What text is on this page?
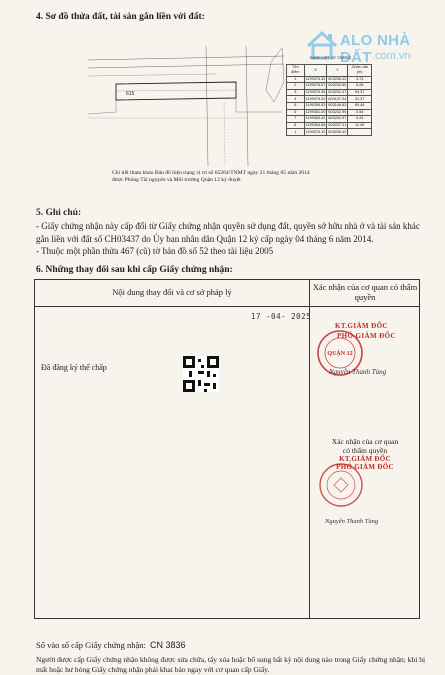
4. Sơ đồ thửa đất, tài sản gắn liền với đất:
ALO NHÀ ĐẤT .com.vn
615
BẢNG LIỆT KÊ TỌA ĐỘ
Tên điểm	X	Y	Chiều dài (m)
1	1199375.32	603236.42	3.74
2	1199378.67	603232.80	5.28
3	1199376.46	603231.47	94.37
4	1199375.20	603137.04	31.37
5	1199356.53	603146.83	89.48
6	1199361.00	603232.99	0.58
7	1199360.42	603232.97	4.44
8	1199364.86	603237.41	11.40
1	1199376.32	603236.42	
Chi tiết tham khảo Bản đồ hiện trạng vị trí số 65264/TNMT ngày 21 tháng 05 năm 2014 được Phòng Tài nguyên và Môi trường Quận 12 ký duyệt.
5. Ghi chú:

- Giấy chứng nhận này cấp đổi từ Giấy chứng nhận quyền sử dụng đất, quyền sở hữu nhà ở và tài sản khác gắn liền với đất số CH03437 do Ủy ban nhân dân Quận 12 ký cấp ngày 04 tháng 6 năm 2014.

- Thuộc một phần thửa 467 (cũ) tờ bản đồ số 52 theo tài liệu 2005

6. Những thay đổi sau khi cấp Giấy chứng nhận:
Nội dung thay đổi và cơ sở pháp lý	Xác nhận của cơ quan có thẩm quyền
17 -04- 2025
Đã đăng ký thế chấp
KT.GIÁM ĐỐC
PHÓ GIÁM ĐỐC
QUẬN 12
Nguyễn Thanh Tùng
Xác nhận của cơ quan
có thẩm quyền
KT.GIÁM ĐỐC
PHÓ GIÁM ĐỐC
Nguyễn Thanh Tùng
Số vào sổ cấp Giấy chứng nhận: CN 3836
Người được cấp Giấy chứng nhận không được sửa chữa, tẩy xóa hoặc bổ sung bất kỳ nội dung nào trong Giấy chứng nhận; khi bị mất hoặc hư hỏng Giấy chứng nhận phải khai báo ngay với cơ quan cấp Giấy.
